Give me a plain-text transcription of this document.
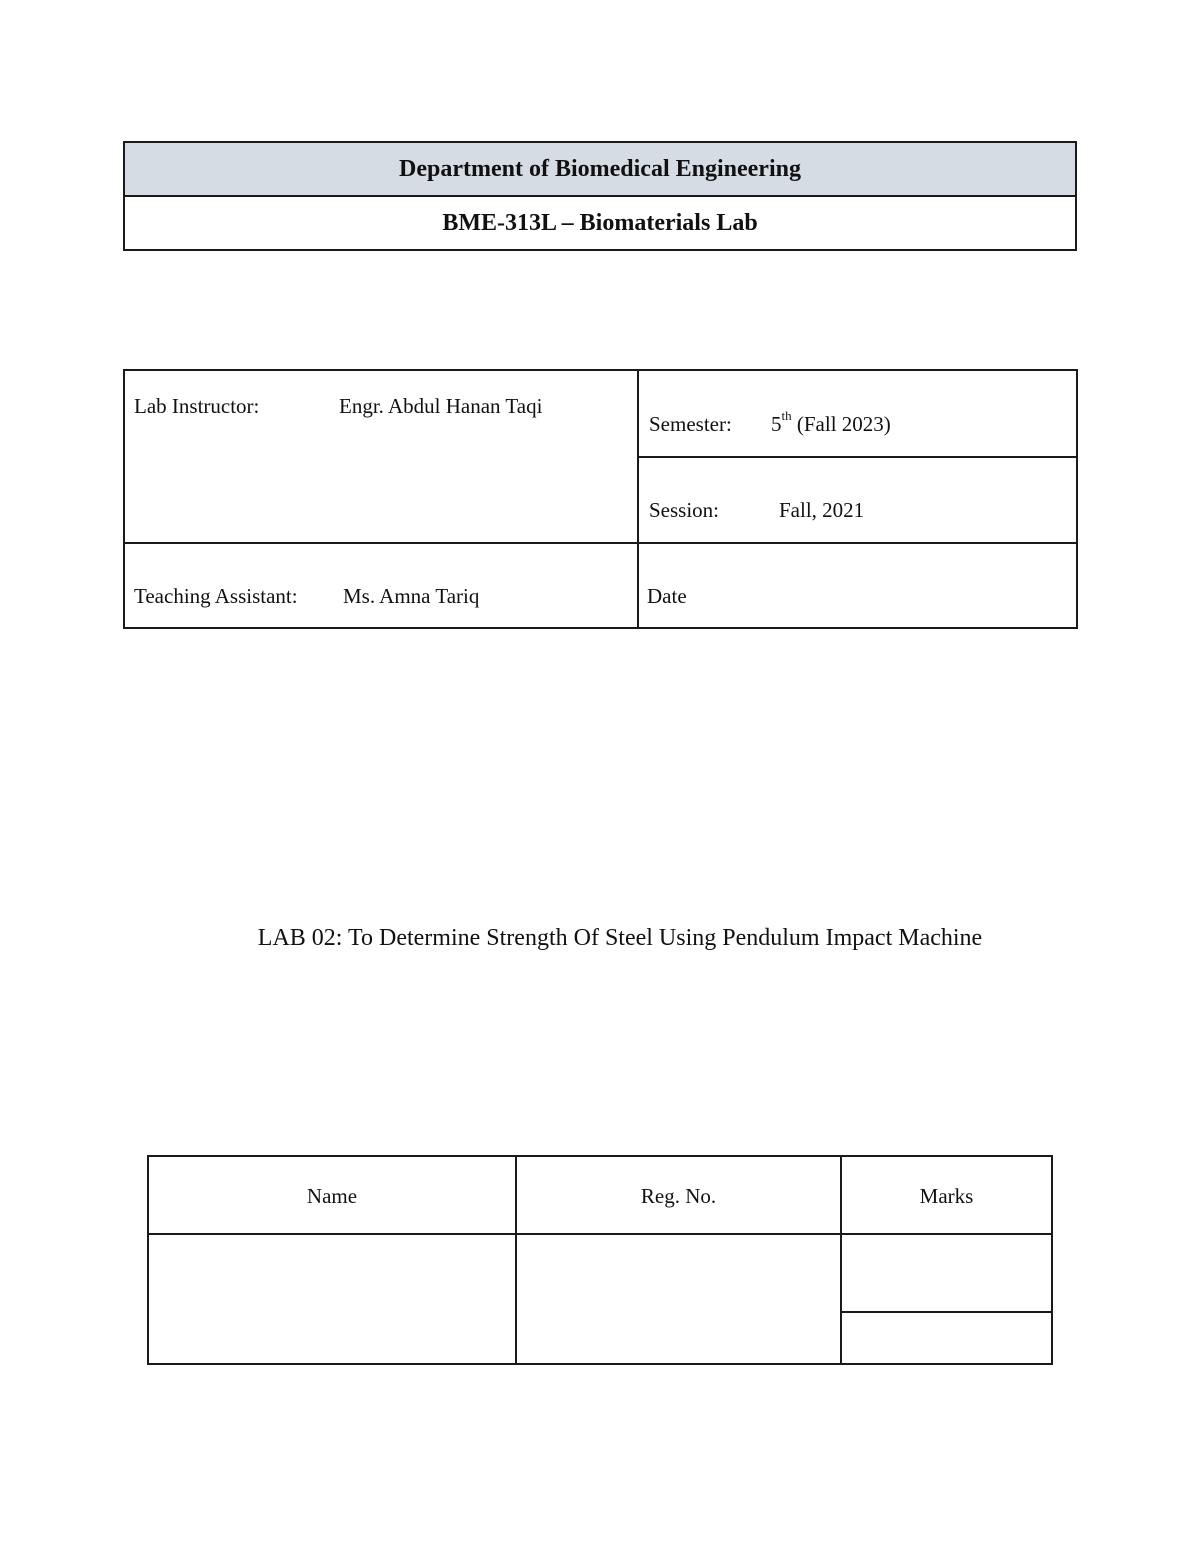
Department of Biomedical Engineering
BME-313L – Biomaterials Lab
Lab Instructor:	Engr. Abdul Hanan Taqi
Semester: 5th (Fall 2023)
Session:	Fall, 2021
Teaching Assistant: Ms. Amna Tariq	Date
LAB 02: To Determine Strength Of Steel Using Pendulum Impact Machine
Name	Reg. No.	Marks
